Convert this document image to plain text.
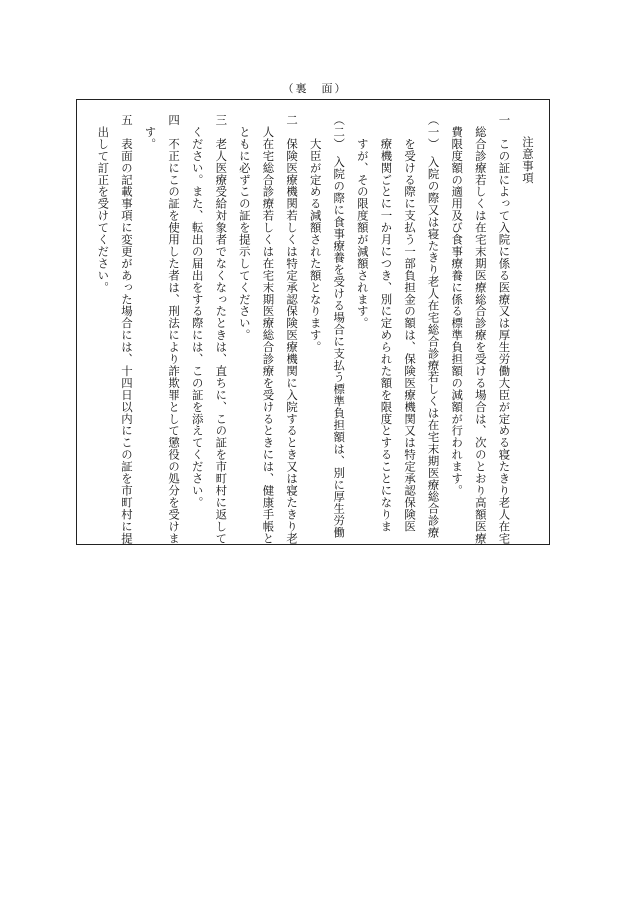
（裏　面）
注意事項
一　この証によって入院に係る医療又は厚生労働大臣が定める寝たきり老人在宅
　総合診療若しくは在宅末期医療総合診療を受ける場合は、次のとおり高額医療
　費限度額の適用及び食事療養に係る標準負担額の減額が行われます。
（一）　入院の際又は寝たきり老人在宅総合診療若しくは在宅末期医療総合診療
　　を受ける際に支払う一部負担金の額は、保険医療機関又は特定承認保険医
　　療機関ごとに一か月につき、別に定められた額を限度とすることになりま
　　すが、その限度額が減額されます。
（二）　入院の際に食事療養を受ける場合に支払う標準負担額は、別に厚生労働
　　大臣が定める減額された額となります。
二　保険医療機関若しくは特定承認保険医療機関に入院するとき又は寝たきり老
　人在宅総合診療若しくは在宅末期医療総合診療を受けるときには、健康手帳と
　ともに必ずこの証を提示してください。
三　老人医療受給対象者でなくなったときは、直ちに、この証を市町村に返して
　ください。また、転出の届出をする際には、この証を添えてください。
四　不正にこの証を使用した者は、刑法により詐欺罪として懲役の処分を受けま
　す。
五　表面の記載事項に変更があった場合には、十四日以内にこの証を市町村に提
　出して訂正を受けてください。
